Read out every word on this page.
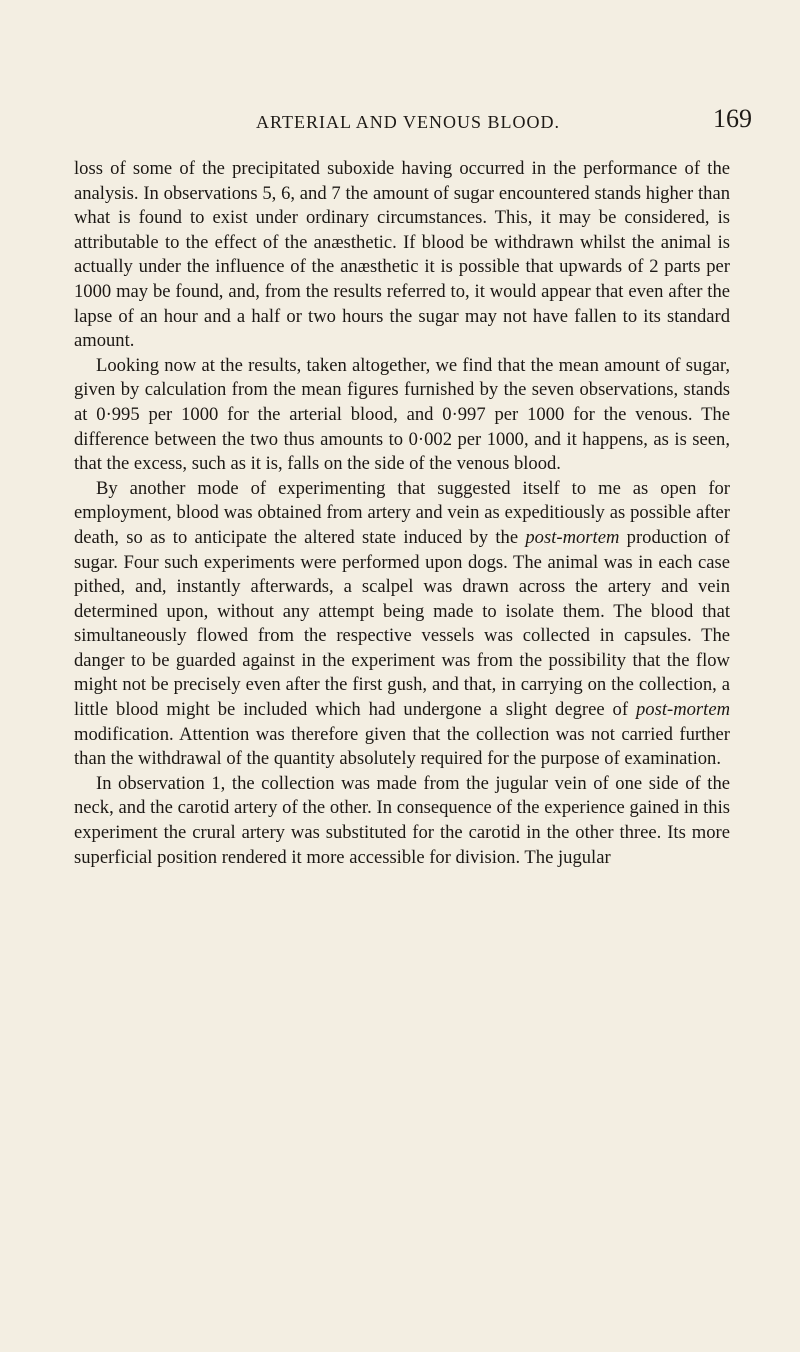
ARTERIAL AND VENOUS BLOOD.	169

loss of some of the precipitated suboxide having occurred in the performance of the analysis. In observations 5, 6, and 7 the amount of sugar encountered stands higher than what is found to exist under ordinary circumstances. This, it may be considered, is attributable to the effect of the anæsthetic. If blood be withdrawn whilst the animal is actually under the influence of the anæsthetic it is possible that upwards of 2 parts per 1000 may be found, and, from the results referred to, it would appear that even after the lapse of an hour and a half or two hours the sugar may not have fallen to its standard amount.

Looking now at the results, taken altogether, we find that the mean amount of sugar, given by calculation from the mean figures furnished by the seven observations, stands at 0·995 per 1000 for the arterial blood, and 0·997 per 1000 for the venous. The difference between the two thus amounts to 0·002 per 1000, and it happens, as is seen, that the excess, such as it is, falls on the side of the venous blood.

By another mode of experimenting that suggested itself to me as open for employment, blood was obtained from artery and vein as expeditiously as possible after death, so as to anticipate the altered state induced by the post-mortem production of sugar. Four such experiments were performed upon dogs. The animal was in each case pithed, and, instantly afterwards, a scalpel was drawn across the artery and vein determined upon, without any attempt being made to isolate them. The blood that simultaneously flowed from the respective vessels was collected in capsules. The danger to be guarded against in the experiment was from the possibility that the flow might not be precisely even after the first gush, and that, in carrying on the collection, a little blood might be included which had undergone a slight degree of post-mortem modification. Attention was therefore given that the collection was not carried further than the withdrawal of the quantity absolutely required for the purpose of examination.

In observation 1, the collection was made from the jugular vein of one side of the neck, and the carotid artery of the other. In consequence of the experience gained in this experiment the crural artery was substituted for the carotid in the other three. Its more superficial position rendered it more accessible for division. The jugular
